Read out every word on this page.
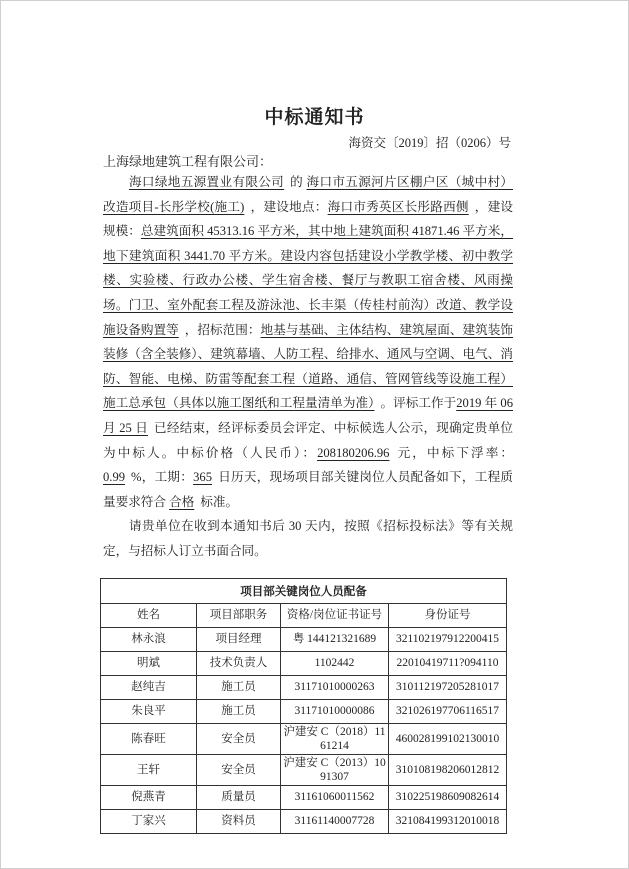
中标通知书
海资交〔2019〕招（0206）号
上海绿地建筑工程有限公司：

海口绿地五源置业有限公司 的 海口市五源河片区棚户区（城中村）改造项目-长彤学校(施工) ，建设地点：海口市秀英区长彤路西侧 ，建设规模：总建筑面积 45313.16 平方米，其中地上建筑面积 41871.46 平方米，地下建筑面积 3441.70 平方米。建设内容包括建设小学教学楼、初中教学楼、实验楼、行政办公楼、学生宿舍楼、餐厅与教职工宿舍楼、风雨操场。门卫、室外配套工程及游泳池、长丰渠（传桂村前沟）改道、教学设施设备购置等 ，招标范围：地基与基础、主体结构、建筑屋面、建筑装饰装修（含全装修）、建筑幕墙、人防工程、给排水、通风与空调、电气、消防、智能、电梯、防雷等配套工程（道路、通信、管网管线等设施工程）施工总承包（具体以施工图纸和工程量清单为准） 。评标工作于2019 年 06 月 25 日 已经结束，经评标委员会评定、中标候选人公示，现确定贵单位为中标人。中标价格（人民币）：208180206.96 元，中标下浮率：0.99 %，工期：365 日历天，现场项目部关键岗位人员配备如下，工程质量要求符合 合格 标准。

请贵单位在收到本通知书后 30 天内，按照《招标投标法》等有关规定，与招标人订立书面合同。

项目部关键岗位人员配备			
姓名	项目部职务	资格/岗位证书证号	身份证号
林永浪	项目经理	粤 144121321689	321102197912200415
明斌	技术负责人	1102442	22010419711?094110
赵纯吉	施工员	31171010000263	310112197205281017
朱良平	施工员	31171010000086	321026197706116517
陈春旺	安全员	沪建安 C（2018）1161214	460028199102130010
王轩	安全员	沪建安 C（2013）1091307	310108198206012812
倪燕青	质量员	31161060011562	310225198609082614
丁家兴	资料员	31161140007728	321084199312010018
